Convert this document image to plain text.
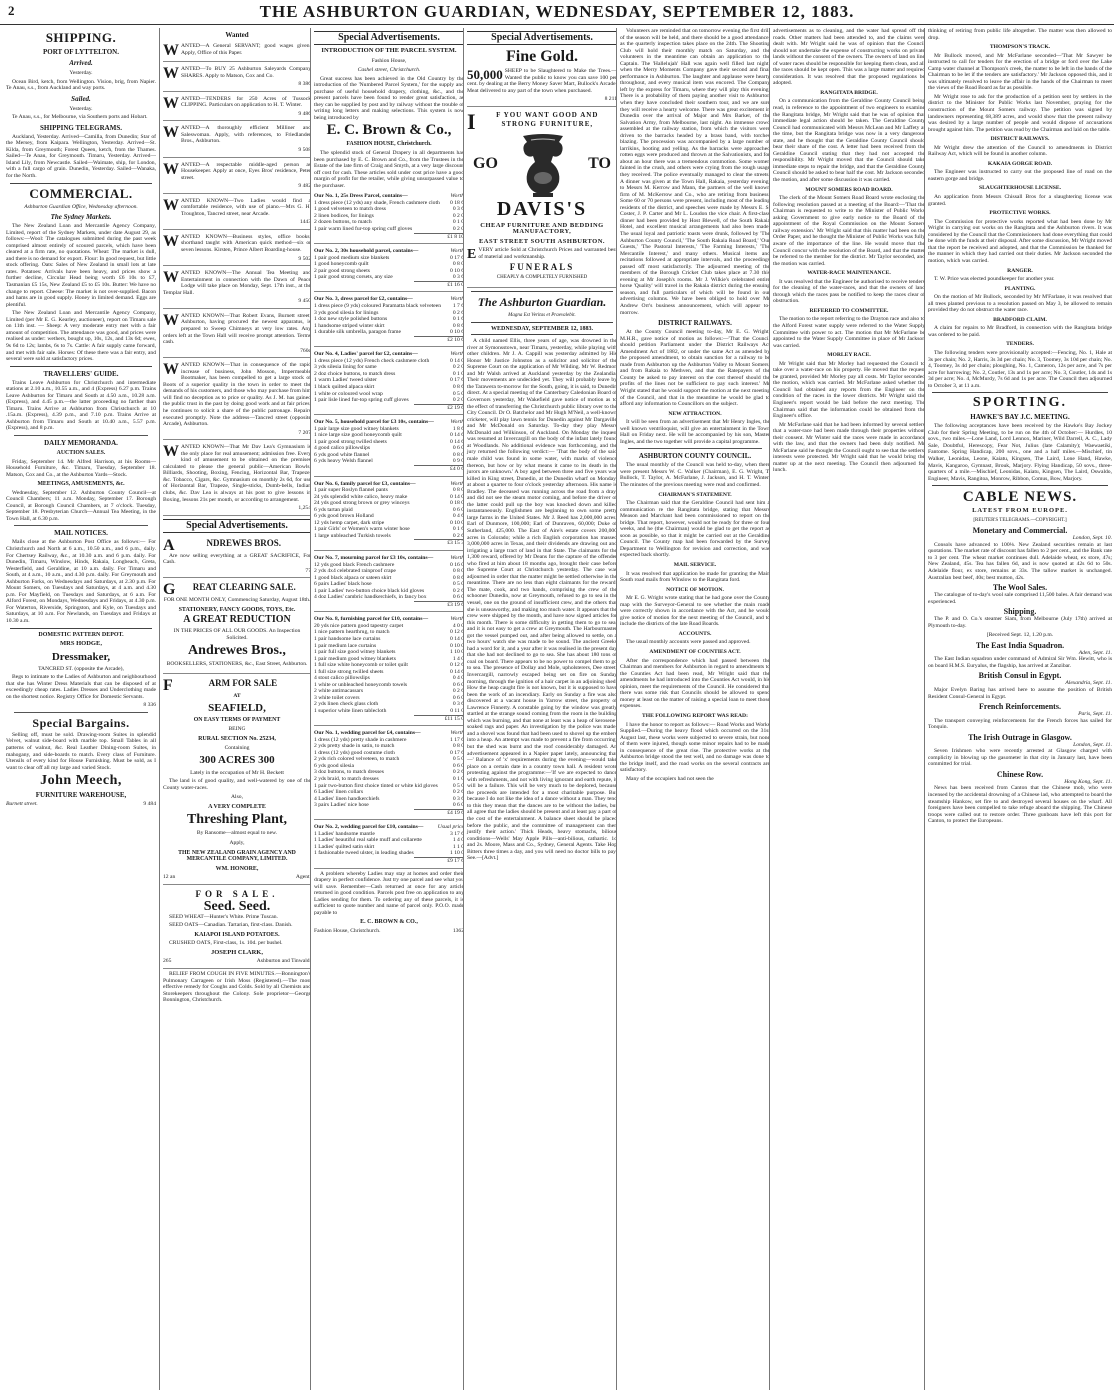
2	THE ASHBURTON GUARDIAN, WEDNESDAY, SEPTEMBER 12, 1883.
SHIPPING.
PORT OF LYTTELTON.
Arrived.
Yesterday.

Ocean Bird, ketch, from Wellington. Vision, brig, from Napier. Te Anau, s.s., from Auckland and way ports.

Sailed.
Yesterday.

Te Anau, s.s., for Melbourne, via Southern ports and Hobart.

SHIPPING TELEGRAMS.

Auckland, Yesterday. Arrived—Camilla, from Dunedin; Star of the Mersey, from Kaipara. Wellington, Yesterday. Arrived—St. Kilda, from Greymouth; Forest Queen, ketch, from the Thames. Sailed—Te Anau, for Greymouth. Timaru, Yesterday. Arrived—Island Lily, from Newcastle. Sailed—Waimate, ship, for London, with a full cargo of grain. Dunedin, Yesterday. Sailed—Wanaka, for the North.

COMMERCIAL.
Ashburton Guardian Office, Wednesday afternoon.
The Sydney Markets.

The New Zealand Loan and Mercantile Agency Company, Limited, report of the Sydney Markets, under date August 29, as follows:—Wool: The catalogues submitted during the past week comprised almost entirely of scoured parcels, which have been cleared at a firm rate, no quotations. Wheat: The market is dull, and there is no demand for export. Flour: In good request, but little stock offering. Oats: Sales of New Zealand in small lots at late rates. Potatoes: Arrivals have been heavy, and prices show a further decline, Circular Head being worth £6 10s to £7, Tasmanian £5 15s, New Zealand £5 to £5 10s. Butter: We have no change to report. Cheese: The market is not over-supplied. Bacon and hams are in good supply. Honey in limited demand. Eggs are plentiful.

The New Zealand Loan and Mercantile Agency Company, Limited (per Mr E. G. Kearley, auctioneer), report on Timaru sale on 11th inst. — Sheep: A very moderate entry met with a fair amount of competition. The attendance was good, and prices were realised as under: wethers, bought up, 10s, 12s, and 13s 6d; ewes, 9s 6d to 12s; lambs, 6s to 7s. Cattle: A fair supply came forward, and met with fair sale. Horses: Of these there was a fair entry, and several were sold at satisfactory prices.

TRAVELLERS' GUIDE.

Trains Leave Ashburton for Christchurch and intermediate stations at 2.10 a.m., 10.55 a.m., and 4 (Express) 6.27 p.m. Trains Leave Ashburton for Timaru and South at 4.50 a.m., 10.28 a.m. (Express), and 4.45 p.m.—the latter proceeding no farther than Timaru. Trains Arrive at Ashburton from Christchurch at 10 .15a.m. (Express), 4.39 p.m., and 7.10 p.m. Trains Arrive at Ashburton from Timaru and South at 10.40 a.m., 5.57 p.m. (Express), and 8 p.m.

DAILY MEMORANDA.
AUCTION SALES.

Friday, September 14. Mr Alfred Harrison, at his Rooms— Household Furniture, &c. Timaru, Tuesday, September 18. Matson, Cox and Co., at the Ashburton Yards—Stock.

MEETINGS, AMUSEMENTS, &c.

Wednesday, September 12. Ashburton County Council—at Council Chambers; 11 a.m. Monday, September 17. Borough Council, at Borough Council Chambers, at 7 o'clock. Tuesday, September 18. Presbyterian Church—Annual Tea Meeting, in the Town Hall, at 6.30 p.m.

MAIL NOTICES.

Mails close at the Ashburton Post Office as follows:— For Christchurch and North at 6 a.m., 10.50 a.m., and 6 p.m., daily. For Chertsey Railway, &c., at 10.30 a.m. and 6 p.m. daily. For Dunedin, Timaru, Winslow, Hinds, Rakaia, Longbeach, Greta, Westerfield, and Geraldine, at 10 a.m. daily. For Timaru and South, at 4 a.m., 10 a.m., and 4.30 p.m. daily. For Greymouth and Ashburton Forks, on Wednesdays and Saturdays, at 2.30 p.m. For Mount Somers, on Tuesdays and Saturdays, at 4 a.m. and 4.30 p.m. For Mayfield, on Tuesdays and Saturdays, at 6 a.m. For Alford Forest, on Mondays, Wednesdays and Fridays, at 4.30 p.m. For Waterton, Riverside, Springston, and Kyle, on Tuesdays and Saturdays, at 10 a.m. For Newlands, on Tuesdays and Fridays at 10.30 a.m.

DOMESTIC PATTERN DEPOT.
MRS HODGE,
Dressmaker,
TANCRED ST. (opposite the Arcade),

Begs to intimate to the Ladies of Ashburton and neighbourhood that she has Winter Dress Materials that can be disposed of at exceedingly cheap rates. Ladies Dresses and Underclothing made on the shortest notice. Registry Office for Domestic Servants.

8 336
Special Bargains.

Selling off, must be sold. Drawing-room Suites in splendid Velvet, walnut side-board with marble top. Small Tables in all patterns of walnut, &c. Real Leather Dining-room Suites, in mahogany, and side-boards to match. Every class of Furniture. Utensils of every kind for House Furnishing. Must be sold, as I want to clear off all my large and varied Stock.

John Meech,
FURNITURE WAREHOUSE,
Burnett street.	9 484
Wanted
W ANTED—A General SERVANT; good wages given. Apply, Office of this Paper.

W ANTED—To BUY 25 Ashburton Saleyards Company SHARES. Apply to Matson, Cox and Co.

8 386
W ANTED—TENDERS for 250 Acres of Tussock CLIPPING. Particulars on application to H. T. Winter.

9 486
W ANTED—A thoroughly efficient Milliner and Saleswoman. Apply, with references, to Friedlander Bros., Ashburton.

9 508
W ANTED—A respectable middle-aged person as Housekeeper. Apply at once, Eyes Bros' residence, Peter street.

9 482
W ANTED KNOWN—Two Ladies would find a comfortable residence, with use of piano.—Mrs G. H. Troughton, Tancred street, near Arcade.

1443
W ANTED KNOWN—Business styles, office books, shorthand taught with American quick method—six or seven lessons. Kirsten, Prince Albert Boarding-house.

9 502
W ANTED KNOWN—The Annual Tea Meeting and Entertainment in connection with the Dawn of Peace Lodge will take place on Monday, Sept. 17th inst., at the Templar Hall.

9 450
W ANTED KNOWN—That Robert Evans, Burnett street, Ashburton, having procured the newest apparatus, is prepared to Sweep Chimneys at very low rates. Any orders left at the Town Hall will receive prompt attention. Terms cash.

760c
W ANTED KNOWN—That in consequence of the rapid increase of business, John Mosson, Impermeable Bootmaker, has been compelled to get a large stock of Boots of a superior quality in the town in order to meet the demands of his customers, and those who may purchase from him will find no deception as to price or quality. As J. M. has gained the public trust in the past by doing good work and at fair prices, he continues to solicit a share of the public patronage. Repairs executed promptly. Note the address—Tancred street (opposite Arcade), Ashburton.

7 207
W ANTED KNOWN—That Mr Dav Lea's Gymnasium is the only place for real amusement; admission free. Every kind of amusement to be obtained on the premises calculated to please the general public—American Bowls, Billiards, Shooting, Boxing, Fencing, Horizontal Bar, Trapeze, &c. Tobacco, Cigars, &c. Gymnasium on monthly 2s 6d, for use of Horizontal Bar, Trapeze, Single-sticks, Dumb-bells, Indian clubs, &c. Dav Lea is always at his post to give lessons in Boxing, lessons 21s per month, or according to arrangement.

1,254
Special Advertisements.
A	NDREWES BROS.

Are now selling everything at a GREAT SACRIFICE, For Cash.

77
G	REAT CLEARING SALE.

FOR ONE MONTH ONLY, Commencing Saturday, August 18th.

STATIONERY, FANCY GOODS, TOYS, Etc.
A GREAT REDUCTION
IN THE PRICES OF ALL OUR GOODS. An Inspection Solicited.
Andrewes Bros.,
BOOKSELLERS, STATIONERS, &c., East Street, Ashburton.
F	ARM FOR SALE
AT
SEAFIELD,
ON EASY TERMS OF PAYMENT
BEING
RURAL SECTION No. 25234,
Containing
300 ACRES 300
Lately in the occupation of Mr H. Beckett

The land is of good quality, and well-watered by one of the County water-races.

Also,
A VERY COMPLETE
Threshing Plant,
By Ransome—almost equal to new.
Apply,
THE NEW ZEALAND GRAIN AGENCY AND MERCANTILE COMPANY, LIMITED.
WM. HONORE,
12 an	Agent,
FOR SALE.
Seed. Seed.

SEED WHEAT—Hunter's White. Prime Tuscan.

SEED OATS—Canadian. Tartarian, first-class. Danish.

KAIAPOI ISLAND POTATOES.

CRUSHED OATS, First-class, 1s. 10d. per bushel.

JOSEPH CLARK,
265	Ashburton and Tinwald.

RELIEF FROM COUGH IN FIVE MINUTES.—Bonnington's Pulmonary Carrageen or Irish Moss (Registered).—The most effective remedy for Coughs and Colds. Sold by all Chemists and Storekeepers throughout the Colony. Sole proprietor—George Bonnington, Christchurch.

Special Advertisements.
INTRODUCTION OF THE PARCEL SYSTEM.
Fashion House,
Cashel street, Christchurch.

Great success has been achieved in the Old Country by the introduction of the 'Numbered Parcel System,' for the supply and purchase of useful household drapery, clothing, &c., and the present parcels have been found to render great satisfaction, as they can be supplied by post and by railway without the trouble of writing long letters and making selections. This system is now being introduced by

E. C. Brown & Co.,
FASHION HOUSE, Christchurch.

The splendid stock of General Drapery in all departments has been purchased by E. C. Brown and Co., from the Trustees in the Estate of the late firm of Craig and Smyth, at a very large discount off cost for cash. These articles sold under cost price have a good margin of profit for the retailer, while giving unsurpassed value to the purchaser.

Our No. 1, 25s Dress Parcel, contains—	Worth
1 dress piece (12 yds) any shade, French cashmere cloth	0 18 6
1 good velveteen to match dress	0 3 6
2 linen bodices, for linings	0 2 0
2 dozen buttons, to match	0 1 0
1 pair warm lined fur-top spring cuff gloves	0 2 0
£1 8 10
Our No. 2, 30s household parcel, contains—	Worth
1 pair good medium size blankets	0 17 6
1 good honeycomb quilt	0 8 0
2 pair good strong sheets	0 10 6
1 pair good strong corsets, any size	0 3 6
£1 16 0
Our No. 3, dress parcel for £2, contains—	Worth
1 dress piece (9 yds) coloured Paramatta black velveteen	1 7 6
3 yds good silesia for linings	0 2 6
1 doz new style polished buttons	0 1 6
1 handsome striped winter skirt	0 8 6
1 durable silk umbrella, paragon frame	0 10 6
£2 10 6
Our No. 4, Ladies' parcel for £2, contains—	Worth
1 dress piece (12 yds) French check cashmere cloth	0 14 0
3 yds silesia lining for same	0 2 0
2 doz choice buttons, to match dress	0 1 0
1 warm Ladies' tweed ulster	0 17 6
1 black quilted alpaca skirt	0 8 6
1 white or coloured wool wrap	0 5 0
1 pair lisle lined fur-top spring cuff gloves	0 2 0
£2 19 6
Our No. 5, household parcel for £3 10s, contains—	Worth
1 pair large size good witney blankets	1 8 6
1 nice large size good honeycomb quilt	0 14 6
1 pair good strong twilled sheets	0 14 6
4 good calico pillowslips	0 6 0
6 yds good white flannel	0 8 0
6 yds heavy Welsh flannel	0 9 0
£4 0 6
Our No. 6, family parcel for £3, contains—	Worth
1 pair super Roslyn flannel pants	0 8 0
24 yds splendid white calico, heavy make	0 14 0
24 yds good strong brown or grey winceys	0 18 0
6 yds tartan plaid	0 6 0
6 yds good brown Holland	0 4 6
12 yds hemp carpet, dark stripe	0 10 0
1 pair Girls' or Women's warm winter hose	0 1 6
1 large unbleached Turkish towels	0 2 6
£3 15 3
Our No. 7, mourning parcel for £3 10s, contains—	Worth
12 yds good black French cashmere	0 16 0
2 yds 4x4 celebrated rainproof crape	0 8 0
1 good black alpaca or sateen skirt	0 8 6
6 pairs Ladies' black hose	0 5 0
1 pair Ladies' two-button choice black kid gloves	0 2 6
4 doz Ladies' cambric handkerchiefs, in fancy box	0 6 0
£3 19 6
Our No. 8, furnishing parcel for £10, contains—	Worth
20 yds nice pattern good tapestry carpet	4 0 0
1 nice pattern hearthrug, to match	0 12 6
1 pair handsome lace curtains	0 14 0
1 pair medium lace curtains	0 10 0
1 pair full size good witney blankets	1 10 0
1 pair medium good witney blankets	1 4 0
1 full size white honeycomb or toilet quilt	0 12 6
1 full size strong twilled sheets	0 14 6
4 stout calico pillowslips	0 4 0
1 white or unbleached honeycomb towels	0 6 0
2 white antimacassars	0 2 6
3 white toilet covers	0 6 0
2 yds linen check glass cloth	0 3 6
1 superior white linen tablecloth	0 11 0
£11 15 0
Our No. 1, wedding parcel for £4, contains—	Worth
1 dress (12 yds) pretty shade in cashmere	1 17 6
2 yds pretty shade in satin, to match	0 8 0
1 dress (12 yds) good costume cloth	0 17 6
2 yds rich colored velveteen, to match	0 5 0
6 yds good silesia	0 6 0
3 doz buttons, to match dresses	0 2 6
2 yds braid, to match dresses	0 1 0
1 pair two-button first choice tinted or white kid gloves	0 5 0
6 Ladies' linen collars	0 2 6
4 Ladies' linen handkerchiefs	0 3 6
3 pairs Ladies' nice hose	0 6 0
£4 19 6
Our No. 2, wedding parcel for £10, contains—	Usual price
1 Ladies' handsome mantle	3 17 6
1 Ladies' beautiful real sable muff and collarette	1 4 0
1 Ladies' quilted satin skirt	1 1 0
1 fashionable tweed ulster, in leading shades	1 10 0
£9 17 6

A problem whereby Ladies may stay at homes and order their drapery in perfect confidence. Just try one parcel and see what you will save. Remember—Cash returned at once for any article returned in good condition. Parcels post free on application to any Ladies sending for them. To ordering any of these parcels, it is sufficient to quote number and name of parcel only. P.O.O. made payable to

E. C. BROWN & CO.,
Fashion House, Christchurch.	1362
Special Advertisements.
Fine Gold.
50,000 SHEEP to be Slaughtered to Make the Trees.—Wanted the public to know you can save 100 per cent. by dealing at the Berry Money Saver Mart, Bullock's Arcade. Meat delivered to any part of the town when purchased.

8 211
I	F YOU WANT GOOD AND STRONG FURNITURE,
GO	TO
DAVIS'S
CHEAP FURNITURE AND BEDDING MANUFACTORY,
EAST STREET SOUTH ASHBURTON.
E VERY article Sold at Christchurch Prices and warranted best of material and workmanship.

FUNERALS
CHEAPLY & COMPLETELY FURNISHED
The Ashburton Guardian.
Magna Est Veritas et Praevalebit.
WEDNESDAY, SEPTEMBER 12, 1883.

A child named Ellis, three years of age, was drowned in the river at Symonsstown, near Timaru, yesterday, while playing with other children. Mr J. A. Cappill was yesterday admitted by His Honor Mr Justice Johnston as a solicitor and solicitor of the Supreme Court on the application of Mr Wilding. Mr W. Redmon and Mr Walsh arrived at Auckland yesterday by the Zealandia. Their movements are undecided yet. They will probably leave by the Tarawera to-morrow for the South, going, it is said, to Dunedin direct. At a special meeting of the Canterbury Caledonian Board of Governors yesterday, Mr Wakefield gave notice of motion as to the effect of transferring the Christchurch public library over to the City Council. Dr O. Batchelor and Mr Hugh M'Neil, a well-known cricketer, will play lawn tennis for Dunedin against Mr Dargaville and Mr McDonald on Saturday. To-day they play Messrs McDonald and Wilkinson, of Auckland. On Monday the inquest was resumed at Invercargill on the body of the infant lately found at Woodlands. No additional evidence was forthcoming, and the jury returned the following verdict:— 'That the body of the said male child was found in some water, with marks of violence thereon, but how or by what means it came to its death in the jurors are unknown.' A boy aged between three and five years was killed in King street, Dunedin, at the Dunedin wharf on Monday, at about a quarter to four o'clock yesterday afternoon. His name is Bradley. The deceased was running across the road from a dray, and did not see the steam motor coming, and before the driver of the latter could pull up the boy was knocked down and killed instantaneously. Englishmen are beginning to own some pretty large farms in the United States. Mr J. Reed has 2,000,000 acres; Earl of Dunmore, 100,000; Earl of Dunraven, 60,000; Duke of Sutherland, 425,000. The East of Aire's estate covers 200,000 acres in Colorado; while a rich English corporation has massed 3,000,000 acres in Texas, and their dividends are drawing out and irrigating a large tract of land in that State. The claimants for the 1,300 reward, offered by Mr Deans for the capture of the offender who fired at him about 18 months ago, brought their case before the Supreme Court at Christchurch yesterday. The case was adjourned in order that the matter might be settled otherwise in the meantime. There are no less than eight claimants for the reward. The mate, cook, and two hands, comprising the crew of the schooner Dunedin, now at Greymouth, refused to go to sea in the vessel, one on the ground of insufficient crew, and the others that she is unseaworthy, and making too much water. It appears that the crew were shipped by the month, and have now signed articles for this month. There is some difficulty in getting them to go to sea, and it is not easy to get a crew at Greymouth. The Harbourmaster got the vessel pumped out, and after being allowed to settle, on a two hours' watch she was made to be sound. The ancient Greeks had a word for it, and a year after it was realised in the present day that she had not declined to go to sea. She has about 180 tons of coal on board. There appears to be no power to compel them to go to sea. The presence of Dollay and Mole, upholsterers, Dee street, Invercargill, narrowly escaped being set on fire on Sunday morning, through the ignition of a hair carpet in an adjoining shed. How the heap caught fire is not known, but it is supposed to have been the work of an incendiary. Early on Sunday a fire was also discovered at a vacant house in Yarrow street, the property of Lawrence Finnerty. A constable going by the window was greatly startled at the strange sound coming from the room in the building which was burning, and that none at least was a heap of kerosene-soaked rags and paper. An investigation by the police was made, and a shovel was found that had been used to shovel up the embers into a heap. An attempt was made to prevent a fire from occurring, but the shed was burnt and the roof considerably damaged. An advertisement appeared in a Napier paper lately, announcing that—' Balance of 'x' requirements during the evening—would take place on a certain date in a country town hall. A resident wrote protesting against the programme:—'If we are expected to dance with refreshments, and not with living ignorant and earth repute, it will be a failure. This will be very much to be deplored, because the proceeds are intended for a most charitable purpose. But because I do not like the idea of a dance without a man. They tend to this they mean that the dances are to be without the ladies, but all agree that the ladies should be present and at least pay a part of the cost of the entertainment. A balance sheet should be placed before the public, and the committee of management can then justify their action.' Thick Heads, heavy stomachs, bilious conditions—Wells' May Apple Pills—anti-bilious, cathartic. 1d and 2s. Moore, Mass and Co., Sydney, General Agents. Take Hop Bitters three times a day, and you will need no doctor bills to pay. See.—[Advt.]

Volunteers are reminded that on tomorrow evening the first drill of the season will be held, and there should be a good attendance, as the quarterly inspection takes place on the 24th. The Shooting Club will hold their monthly match on Saturday, and the volunteers in the meantime can obtain an application to the Captain. The 'Hallelujah' Hall was again well filled last night, when the Merry Moments Company gave their second and final performance in Ashburton. The laughter and applause were hearty throughout, and every musical item was encored. The Company left by the express for Timaru, where they will play this evening. There is a probability of them paying another visit to Ashburton when they have concluded their southern tour, and we are sure they will receive a hearty welcome. There was great excitement in Dunedin over the arrival of Major and Mrs Barker, of the Salvation Army, from Melbourne, last night. An immense crowd assembled at the railway station, from which the visitors were driven to the barracks headed by a brass band, with torches blazing. The procession was accompanied by a large number of larrikins, hooting and yelling. As the barracks were approached rotten eggs were produced and thrown at the Salvationists, and for about an hour there was a tremendous commotion. Some women fainted in the crush, and others were crying from the rough usage they received. The police eventually managed to clear the streets. A dinner was given at the Town Hall, Rakaia, yesterday evening, to Messrs M. Kerrow and Mann, the partners of the well known firm of M. McKerrow and Co., who are retiring from business. Some 60 or 70 persons were present, including most of the leading residents of the district, and speeches were made by Messrs E. S. Coster, J. P. Carter and Mr L. Loudon the vice chair. A first-class dinner had been provided by Host Blewell, of the South Rakaia Hotel, and excellent musical arrangements had also been made. The usual loyal and patriotic toasts were drunk, followed by 'The Ashburton County Council,' 'The South Rakaia Road Board,' 'Our Guests,' 'The Pastoral Interests,' 'The Farming Interests,' 'The Mercantile Interest,' and many others. Musical items and recitations followed at appropriate intervals, and the proceedings passed off most satisfactorily. The adjourned meeting of the members of the Borough Cricket Club takes place at 7.30 this evening at Mr Joseph's rooms. Mr J. Wilkie's celebrated entire horse 'Quality' will travel in the Rakaia district during the ensuing season, and full particulars of which will be found in our advertising columns. We have been obliged to hold over Mr Andrew Orr's business announcement, which will appear to-morrow.

DISTRICT RAILWAYS.

At the County Council meeting to-day, Mr E. G. Wright, M.H.R., gave notice of motion as follows:—'That the Council should petition Parliament under the District Railways Act Amendment Act of 1882, or under the same Act as amended by the proposed amendment, to obtain sanction for a railway to be made from Ashburton up the Ashburton Valley to Mount Somers, and from Rakaia to Methven, and that the Ratepayers of the County be asked to pay interest on the cost thereof should the profits of the lines not be sufficient to pay such interest.' Mr Wright stated that he would support the motion at the next meeting of the Council, and that in the meantime he would be glad to afford any information to Councillors on the subject.

NEW ATTRACTION.

It will be seen from an advertisement that Mr Henry Ingles, the well known ventriloquist, will give an entertainment in the Town Hall on Friday next. He will be accompanied by his son, Master Ingles, and the two together will provide a capital programme.

ASHBURTON COUNTY COUNCIL.

The usual monthly of the Council was held to-day, when there were present Messrs W. C. Walker (Chairman), E. G. Wright, T. Bullock, T. Taylor, A. McFarlane, J. Jackson, and H. T. Winter. The minutes of the previous meeting were read and confirmed.

CHAIRMAN'S STATEMENT.

The Chairman said that the Geraldine Council had sent him a communication re the Rangitata bridge, stating that Messrs Meason and Marchant had been commissioned to report on the bridge. That report, however, would not be ready for three or four weeks, and he (the Chairman) would be glad to get the report as soon as possible, so that it might be carried out at the Geraldine Council. The County map had been forwarded by the Survey Department to Wellington for revision and correction, and was expected back shortly.

MAIL SERVICE.

It was resolved that application be made for granting the Main South road mails from Winslow to the Rangitata ford.

NOTICE OF MOTION.

Mr E. G. Wright wrote stating that he had gone over the County map with the Surveyor-General to see whether the main roads were correctly shown in accordance with the Act, and he would give notice of motion for the next meeting of the Council, and to include the districts of the late Road Boards.

ACCOUNTS.

The usual monthly accounts were passed and approved.

AMENDMENT OF COUNTIES ACT.

After the correspondence which had passed between the Chairman and members for Ashburton in regard to amendments to the Counties Act had been read, Mr Wright said that the amendments he had introduced into the Counties Act would, in his opinion, meet the requirements of the Council. He considered that there was some risk that Councils should be allowed to spend money at least on the matter of raising a special loan to meet those expenses.

THE FOLLOWING REPORT WAS READ:

I have the honor to report as follows:— Road Works and Works Supplied.—During the heavy flood which occurred on the 31st August last, these works were subjected to severe strain, but none of them were injured, though some minor repairs had to be made in consequence of the great rise. The protective works at the Ashburton bridge stood the test well, and no damage was done to the bridge itself, and the road works on the several contracts are satisfactory.

Many of the occupiers had not seen the

advertisements as to cleaning, and the water had spread off the roads. Other matters had been attended to, and the claims were dealt with. Mr Wright said he was of opinion that the Council should not undertake the expense of constructing works on private lands without the consent of the owners. The owners of land on line of water races should be responsible for keeping them clean, and all the races should be kept open. This was a large matter and required consideration. It was resolved that the proposed regulations be adopted.

RANGITATA BRIDGE.

On a communication from the Geraldine County Council being read, in reference to the appointment of two engineers to examine the Rangitata bridge, Mr Wright said that he was of opinion that immediate legal action should be taken. The Geraldine County Council had communicated with Messrs McLean and Mr Laffety at the time, but the Rangitata bridge was now in a very dangerous state, and he thought that the Geraldine County Council should bear their share of the cost. A letter had been received from the Geraldine Council stating that they had not accepted the responsibility. Mr Wright moved that the Council should take immediate steps to repair the bridge, and that the Geraldine County Council should be asked to bear half the cost. Mr Jackson seconded the motion, and after some discussion it was carried.

MOUNT SOMERS ROAD BOARD.

The clerk of the Mount Somers Road Board wrote enclosing the following resolution passed at a meeting of the Board:—'That the Chairman is requested to write to the Minister of Public Works asking Government to give early notice to the Board of the appointment of the Royal Commission on the Mount Somers railway extension.' Mr Wright said that this matter had been on the Order Paper, and he thought the Minister of Public Works was fully aware of the importance of the line. He would move that the Council concur with the resolution of the Board, and that the matter be referred to the member for the district. Mr Taylor seconded, and the motion was carried.

WATER-RACE MAINTENANCE.

It was resolved that the Engineer be authorised to receive tenders for the cleaning of the water-races, and that the owners of land through which the races pass be notified to keep the races clear of obstruction.

REFERRED TO COMMITTEE.

The motion to the report referring to the Drayton race and also to the Alford Forest water supply were referred to the Water Supply Committee with power to act. The motion that Mr McFarlane be appointed to the Water Supply Committee in place of Mr Jackson was carried.

MORLEY RACE.

Mr Wright said that Mr Morley had requested the Council to take over a water-race on his property. He moved that the request be granted, provided Mr Morley pay all costs. Mr Taylor seconded the motion, which was carried. Mr McFarlane asked whether the Council had obtained any reports from the Engineer on the condition of the races in the lower districts. Mr Wright said the Engineer's report would be laid before the next meeting. The Chairman said that the information could be obtained from the Engineer's office.

Mr McFarlane said that he had been informed by several settlers that a water-race had been made through their properties without their consent. Mr Winter said the races were made in accordance with the law, and that the owners had been duly notified. Mr McFarlane said he thought the Council ought to see that the settlers' interests were protected. Mr Wright said that he would bring the matter up at the next meeting. The Council then adjourned for lunch.

thinking of retiring from public life altogether. The matter was then allowed to drop.

THOMPSON'S TRACK.

Mr Bullock moved, and Mr McFarlane seconded—'That Mr Sawyer be instructed to call for tenders for the erection of a bridge or ford over the Lake Camp water channel at Thompson's creek, the matter to be left in the hands of the Chairman to be let if the tenders are satisfactory.' Mr Jackson opposed this, and it was ultimately resolved to leave the affair in the hands of the Chairman to meet the views of the Road Board as far as possible.

Mr Wright rose to ask for the production of a petition sent by settlers in the district to the Minister for Public Works last November, praying for the construction of the Mount Somers railway. The petition was signed by landowners representing 68,389 acres, and would show that the present railway was desired by a large number of people and would dispose of accusations brought against him. The petition was read by the Chairman and laid on the table.

DISTRICT RAILWAYS.

Mr Wright drew the attention of the Council to amendments in District Railway Act, which will be found in another column.

KAKAIA GORGE ROAD.

The Engineer was instructed to carry out the proposed line of road on the eastern gorge and bridge.

SLAUGHTERHOUSE LICENSE.

An application from Messrs Chissall Bros for a slaughtering license was granted.

PROTECTIVE WORKS.

The Commission for protective works reported what had been done by Mr Wright in carrying out works on the Rangitata and the Ashburton rivers. It was considered by the Council that the Commissioners had done everything that could be done with the funds at their disposal. After some discussion, Mr Wright moved that the report be received and adopted, and that the Commission be thanked for the manner in which they had carried out their duties. Mr Jackson seconded the motion, which was carried.

RANGER.

T. W. Price was elected poundkeeper for another year.

PLANTING.

On the motion of Mr Bullock, seconded by Mr M'Farlane, it was resolved that all trees planted previous to a resolution passed on May 3, be allowed to remain provided they do not obstruct the water race.

BRADFORD CLAIM.

A claim for repairs to Mr Bradford, in connection with the Rangitata bridge was ordered to be paid.

TENDERS.

The following tenders were provisionally accepted:—Fencing, No. 1, Hale at 3s per chain; No. 2, Harris, 3s 3d per chain; No. 3, Toomey, 3s 10d per chain; No. 4, Toomey, 3s 4d per chain; ploughing, No. 1, Cameron, 12s per acre, and 7s per acre for harrowing; No. 2, Coutler, 13s and 1s per acre; No. 3, Coutler, 14s and 1s 3d per acre; No. 4, McMurdy, 7s 6d and 1s per acre. The Council then adjourned to October 3, at 11 a.m.

SPORTING.
HAWKE'S BAY J.C. MEETING.

The following acceptances have been received by the Hawke's Bay Jockey Club for their Spring Meeting, to be run on the 4th of October:— Hurdles, 10 sovs., two miles.—Lone Land, Lord Lennox, Mariner, Wild Darrell, A. C., Lady Sale, Doubtful, Herescopy, Fear Not, Julius (late Calamity); Waewaetiki, Fantome. Spring Handicap, 200 sovs., one and a half miles.—Mischief, tin Walker, Leonidas, Leone, Kaiatu, Kingsen, The Laird, Lone Hand, Hawke, Mavis, Kangaroo, Gymnast, Brouk, Marjory. Flying Handicap, 50 sovs., three-quarters of a mile.—Mischief, Leonidas, Kaiatu, Kingsen, The Laird, Oswaldo, Engineer, Mavis, Rangitoa, Monrow, Ribbon, Comus, Bow, Marjory.

CABLE NEWS.
LATEST FROM EUROPE.
[REUTER'S TELEGRAMS.—COPYRIGHT.]
Monetary and Commercial.
London, Sept. 10.

Consols have advanced to 100⅛. New Zealand securities remain at last quotations. The market rate of discount has fallen to 2 per cent., and the Bank rate to 3 per cent. The wheat market continues dull. Adelaide wheat, ex store, 47s; New Zealand, 45s. Tea has fallen 6d, and is now quoted at 42s 6d to 50s. Adelaide flour, ex store, remains at 33s. The tallow market is unchanged. Australian best beef, 40s; best mutton, 42s.

The Wool Sales.

The catalogue of to-day's wool sale comprised 11,500 bales. A fair demand was experienced.

Shipping.

The P. and O. Co.'s steamer Siam, from Melbourne (July 17th) arrived at Plymouth to-day.

[Received Sept. 12, 1.20 p.m.
The East India Squadron.
Aden, Sept. 11.

The East Indian squadron under command of Admiral Sir Wm. Hewitt, who is on board H.M.S. Euryalus, the flagship, has arrived at Zanzibar.

British Consul in Egypt.
Alexandria, Sept. 11.

Major Evelyn Baring has arrived here to assume the position of British Resident Consul-General in Egypt.

French Reinforcements.
Paris, Sept. 11.

The transport conveying reinforcements for the French forces has sailed for Tonquin.

The Irish Outrage in Glasgow.
London, Sept. 11.

Seven Irishmen who were recently arrested at Glasgow charged with complicity in blowing up the gasometer in that city in January last, have been committed for trial.

Chinese Row.
Hong Kong, Sept. 11.

News has been received from Canton that the Chinese mob, who were incensed by the accidental drowning of a Chinese lad, who attempted to board the steamship Hankow, set fire to and destroyed several houses on the wharf. All foreigners have been compelled to take refuge aboard the shipping. The Chinese troops were called out to restore order. Three gunboats have left this port for Canton, to protect the Europeans.
